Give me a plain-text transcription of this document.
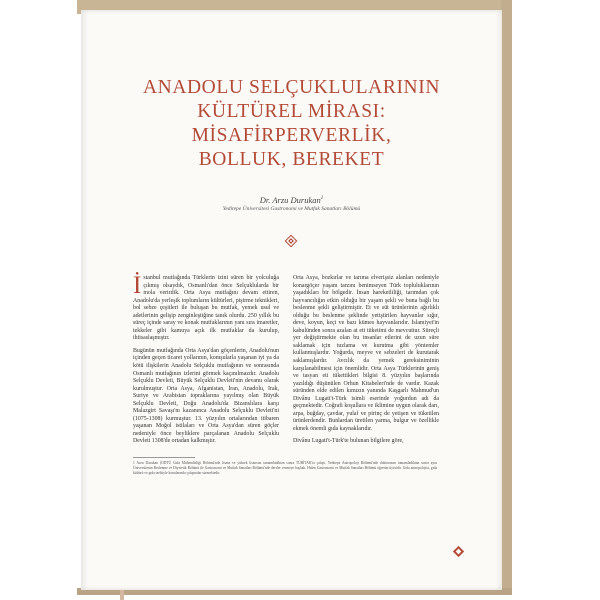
ANADOLU SELÇUKLULARININ
KÜLTÜREL MİRASI:
MİSAFİRPERVERLİK,
BOLLUK, BEREKET
Dr. Arzu Durukan$^1$
Yeditepe Üniversitesi Gastronomi ve Mutfak Sanatları Bölümü

İstanbul mutfağında Türklerin izini süren bir yolculuğa çıkmış olsaydık, Osmanlı'dan önce Selçuklularda bir mola verirdik. Orta Asya mutfağını devam ettiren, Anadolu'da yerleşik toplumların kültürleri, pişirme teknikleri, bol sebze çeşitleri ile buluşan bu mutfak, yemek usul ve adetlerinin gelişip zenginleştiğine tanık olurdu. 250 yıllık bu süreç içinde saray ve konak mutfaklarının yanı sıra imaretler, tekkeler gibi kamuya açık ilk mutfaklar da kurulup, ihtisaslaşmıştır.

Bugünün mutfağında Orta Asya'dan göçenlerin, Anadolu'nun içinden geçen ticaret yollarının, komşularla yaşanan iyi ya da kötü ilişkilerin Anadolu Selçuklu mutfağının ve sonrasında Osmanlı mutfağının izlerini görmek kaçınılmazdır. Anadolu Selçuklu Devleti, Büyük Selçuklu Devleti'nin devamı olarak kurulmuştur. Orta Asya, Afganistan, İran, Anadolu, Irak, Suriye ve Arabistan topraklarına yayılmış olan Büyük Selçuklu Devleti, Doğu Anadolu'da Bizanslılara karşı Malazgirt Savaşı'nı kazanınca Anadolu Selçuklu Devleti'ni (1075-1308) kurmuştur. 13. yüzyılın ortalarından itibaren yaşanan Moğol istilaları ve Orta Asya'dan süren göçler nedeniyle önce beyliklere parçalanan Anadolu Selçuklu Devleti 1308'de ortadan kalkmıştır.

Orta Asya, bozkırlar ve tarıma elverişsiz alanları nedeniyle konargöçer yaşam tarzını benimseyen Türk topluluklarının yaşadıkları bir bölgedir. İnsan hareketliliği, tarımdan çok hayvancılığın etkin olduğu bir yaşam şekli ve buna bağlı bu beslenme şekli geliştirmiştir. Et ve süt ürünlerinin ağırlıklı olduğu bu beslenme şeklinde yetiştirilen hayvanlar sığır, deve, koyun, keçi ve bazı kümes hayvanlarıdır. İslamiyet'in kabulünden sonra azalan at eti tüketimi de mevcuttur. Süreçli yer değiştirmekte olan bu insanlar etlerini de uzun süre saklamak için tuzlama ve kurutma gibi yöntemler kullanmışlardır. Yoğurda, meyve ve sebzeleri de kurutarak saklamışlardır. Avcılık da yemek gereksiniminin karşılanabilmesi için önemlidir. Orta Asya Türklerinin geniş ve tasyan eti tükettikleri bilgisi 8. yüzyılın başlarında yazıldığı düşünülen Orhun Kitabeleri'nde de vardır. Kazak süründen elde edilen kımızın yanında Kaşgarlı Mahmud'un Divânu Lugati't-Türk isimli eserinde yoğurdun adı da geçmektedir. Coğrafi koşullara ve iklimine uygun olarak darı, arpa, buğday, çavdar, yulaf ve pirinç de yetişen ve tüketilen ürünlerdendir. Bunlardan üretilen yarma, bulgur ve özellikle ekmek önemli gıda kaynaklarıdır.

Divânu Lugati't-Türk'te bulunan bilgilere göre,

1 Arzu Durukan (ODTÜ Gıda Mühendisliği Bölümü'nde lisans ve yüksek lisansını tamamladıktan sonra TÜBİTAK'ta çalıştı. Yeditepe Antropoloji Bölümü'nde doktorasını tamamladıktan sonra aynı Üniversitenin Beslenme ve Diyetetik Bölümü ile Gastronomi ve Mutfak Sanatları Bölümü'nde dersler vermeye başladı. Halen Gastronomi ve Mutfak Sanatları Bölümü öğretim üyesidir. Gıda antropolojisi, gıda kültürü ve gıda tarihiyle konularında çalışmalar sürmektedir.
